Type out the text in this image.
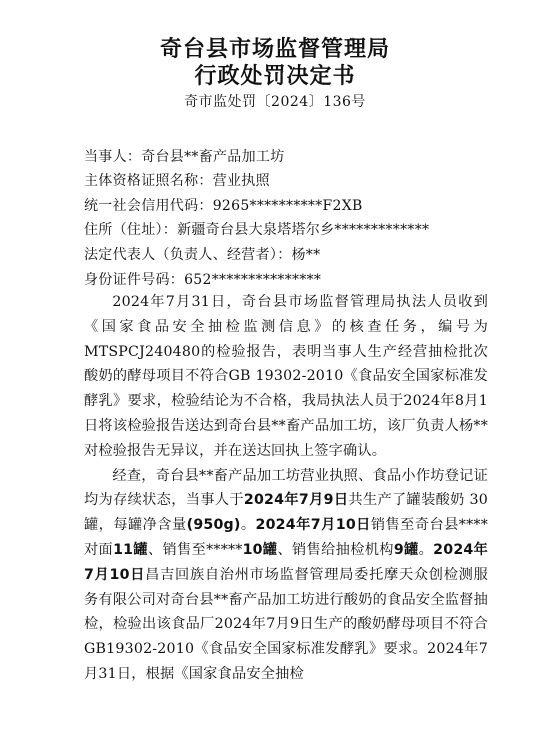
奇台县市场监督管理局
行政处罚决定书
奇市监处罚〔2024〕136号
当事人：奇台县**畜产品加工坊
主体资格证照名称：营业执照
统一社会信用代码：9265**********F2XB
住所（住址）：新疆奇台县大泉塔塔尔乡*************
法定代表人（负责人、经营者）：杨**
身份证件号码：652***************

2024年7月31日，奇台县市场监督管理局执法人员收到《国家食品安全抽检监测信息》的核查任务，编号为MTSPCJ240480的检验报告，表明当事人生产经营抽检批次酸奶的酵母项目不符合GB 19302-2010《食品安全国家标准发酵乳》要求，检验结论为不合格，我局执法人员于2024年8月1日将该检验报告送达到奇台县**畜产品加工坊，该厂负责人杨**对检验报告无异议，并在送达回执上签字确认。

经查，奇台县**畜产品加工坊营业执照、食品小作坊登记证均为存续状态，当事人于2024年7月9日共生产了罐装酸奶 30 罐，每罐净含量(950g)。2024年7月10日销售至奇台县****对面11罐、销售至*****10罐、销售给抽检机构9罐。2024年7月10日昌吉回族自治州市场监督管理局委托摩天众创检测服务有限公司对奇台县**畜产品加工坊进行酸奶的食品安全监督抽检，检验出该食品厂2024年7月9日生产的酸奶酵母项目不符合GB19302-2010《食品安全国家标准发酵乳》要求。2024年7月31日，根据《国家食品安全抽检
